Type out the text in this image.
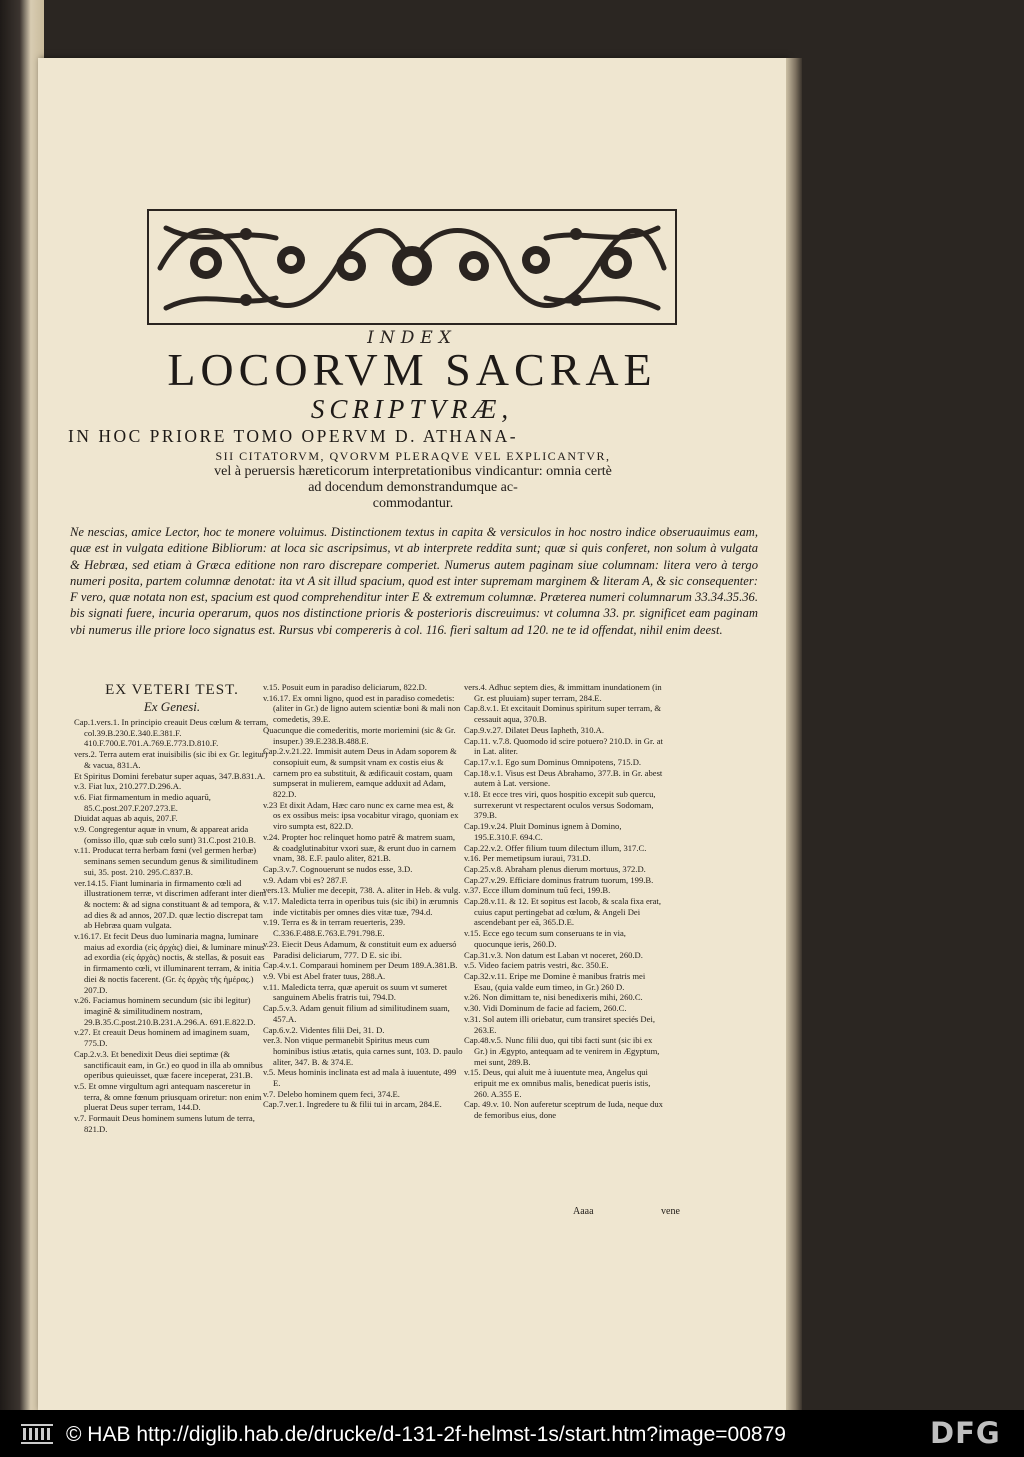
INDEX
LOCORVM SACRAE
SCRIPTVRÆ,
IN HOC PRIORE TOMO OPERVM D. ATHANA-
SII CITATORVM, QVORVM PLERAQVE VEL EXPLICANTVR,
vel à peruersis hæreticorum interpretationibus vindicantur: omnia certè
ad docendum demonstrandumque ac-
commodantur.
Ne nescias, amice Lector, hoc te monere voluimus. Distinctionem textus in capita & versiculos in hoc nostro indice obseruauimus eam, quæ est in vulgata editione Bibliorum: at loca sic ascripsimus, vt ab interprete reddita sunt; quæ si quis conferet, non solum à vulgata & Hebræa, sed etiam à Græca editione non raro discrepare comperiet. Numerus autem paginam siue columnam: litera vero à tergo numeri posita, partem columnæ denotat: ita vt A sit illud spacium, quod est inter supremam marginem & literam A, & sic consequenter: F vero, quæ notata non est, spacium est quod comprehenditur inter E & extremum columnæ. Præterea numeri columnarum 33.34.35.36. bis signati fuere, incuria operarum, quos nos distinctione prioris & posterioris discreuimus: vt columna 33. pr. significet eam paginam vbi numerus ille priore loco signatus est. Rursus vbi compereris à col. 116. fieri saltum ad 120. ne te id offendat, nihil enim deest.
EX VETERI TEST.
Ex Genesi.

Cap.1.vers.1. In principio creauit Deus cœlum & terram, col.39.B.230.E.340.E.381.F. 410.F.700.E.701.A.769.E.773.D.810.F.

vers.2. Terra autem erat inuisibilis (sic ibi ex Gr. legitur) & vacua, 831.A.

Et Spiritus Domini ferebatur super aquas, 347.B.831.A.

v.3. Fiat lux, 210.277.D.296.A.

v.6. Fiat firmamentum in medio aquarū, 85.C.post.207.F.207.273.E.

Diuidat aquas ab aquis, 207.F.

v.9. Congregentur aquæ in vnum, & appareat arida (omisso illo, quæ sub cœlo sunt) 31.C.post 210.B.

v.11. Producat terra herbam fœni (vel germen herbæ) seminans semen secundum genus & similitudinem sui, 35. post. 210. 295.C.837.B.

ver.14.15. Fiant luminaria in firmamento cœli ad illustrationem terræ, vt discrimen adferant inter diem & noctem: & ad signa constituant & ad tempora, & ad dies & ad annos, 207.D. quæ lectio discrepat tam ab Hebræa quam vulgata.

v.16.17. Et fecit Deus duo luminaria magna, luminare maius ad exordia (εἰς ἀρχὰς) diei, & luminare minus ad exordia (εἰς ἀρχὰς) noctis, & stellas, & posuit eas in firmamento cœli, vt illuminarent terram, & initia diei & noctis facerent. (Gr. ἐς ἀρχὰς τῆς ἡμέρας.) 207.D.

v.26. Faciamus hominem secundum (sic ibi legitur) imaginē & similitudinem nostram, 29.B.35.C.post.210.B.231.A.296.A. 691.E.822.D.

v.27. Et creauit Deus hominem ad imaginem suam, 775.D.

Cap.2.v.3. Et benedixit Deus diei septimæ (& sanctificauit eam, in Gr.) eo quod in illa ab omnibus operibus quieuisset, quæ facere inceperat, 231.B.

v.5. Et omne virgultum agri antequam nasceretur in terra, & omne fœnum priusquam oriretur: non enim pluerat Deus super terram, 144.D.

v.7. Formauit Deus hominem sumens lutum de terra, 821.D.

v.15. Posuit eum in paradiso deliciarum, 822.D.

v.16.17. Ex omni ligno, quod est in paradiso comedetis: (aliter in Gr.) de ligno autem scientiæ boni & mali non comedetis, 39.E.

Quacunque die comederitis, morte moriemini (sic & Gr. insuper.) 39.E.238.B.488.E.

Cap.2.v.21.22. Immisit autem Deus in Adam soporem & consopiuit eum, & sumpsit vnam ex costis eius & carnem pro ea substituit, & ædificauit costam, quam sumpserat in mulierem, eamque adduxit ad Adam, 822.D.

v.23 Et dixit Adam, Hæc caro nunc ex carne mea est, & os ex ossibus meis: ipsa vocabitur virago, quoniam ex viro sumpta est, 822.D.

v.24. Propter hoc relinquet homo patrē & matrem suam, & coadglutinabitur vxori suæ, & erunt duo in carnem vnam, 38. E.F. paulo aliter, 821.B.

Cap.3.v.7. Cognouerunt se nudos esse, 3.D.

v.9. Adam vbi es? 287.F.

vers.13. Mulier me decepit, 738. A. aliter in Heb. & vulg.

v.17. Maledicta terra in operibus tuis (sic ibi) in ærumnis inde victitabis per omnes dies vitæ tuæ, 794.d.

v.19. Terra es & in terram reuerteris, 239. C.336.F.488.E.763.E.791.798.E.

v.23. Eiecit Deus Adamum, & constituit eum ex aduersó Paradisi deliciarum, 777. D E. sic ibi.

Cap.4.v.1. Comparaui hominem per Deum 189.A.381.B.

v.9. Vbi est Abel frater tuus, 288.A.

v.11. Maledicta terra, quæ aperuit os suum vt sumeret sanguinem Abelis fratris tui, 794.D.

Cap.5.v.3. Adam genuit filium ad similitudinem suam, 457.A.

Cap.6.v.2. Videntes filii Dei, 31. D.

ver.3. Non vtique permanebit Spiritus meus cum hominibus istius ætatis, quia carnes sunt, 103. D. paulo aliter, 347. B. & 374.E.

v.5. Meus hominis inclinata est ad mala à iuuentute, 499 E.

v.7. Delebo hominem quem feci, 374.E.

Cap.7.ver.1. Ingredere tu & filii tui in arcam, 284.E.

vers.4. Adhuc septem dies, & immittam inundationem (in Gr. est pluuiam) super terram, 284.E.

Cap.8.v.1. Et excitauit Dominus spiritum super terram, & cessauit aqua, 370.B.

Cap.9.v.27. Dilatet Deus Iapheth, 310.A.

Cap.11. v.7.8. Quomodo id scire potuero? 210.D. in Gr. at in Lat. aliter.

Cap.17.v.1. Ego sum Dominus Omnipotens, 715.D.

Cap.18.v.1. Visus est Deus Abrahamo, 377.B. in Gr. abest autem à Lat. versione.

v.18. Et ecce tres viri, quos hospitio excepit sub quercu, surrexerunt vt respectarent oculos versus Sodomam, 379.B.

Cap.19.v.24. Pluit Dominus ignem à Domino, 195.E.310.F. 694.C.

Cap.22.v.2. Offer filium tuum dilectum illum, 317.C.

v.16. Per memetipsum iuraui, 731.D.

Cap.25.v.8. Abraham plenus dierum mortuus, 372.D.

Cap.27.v.29. Efficiare dominus fratrum tuorum, 199.B.

v.37. Ecce illum dominum tuū feci, 199.B.

Cap.28.v.11. & 12. Et sopitus est Iacob, & scala fixa erat, cuius caput pertingebat ad cœlum, & Angeli Dei ascendebant per eā, 365.D.E.

v.15. Ecce ego tecum sum conseruans te in via, quocunque ieris, 260.D.

Cap.31.v.3. Non datum est Laban vt noceret, 260.D.

v.5. Video faciem patris vestri, &c. 350.E.

Cap.32.v.11. Eripe me Domine è manibus fratris mei Esau, (quia valde eum timeo, in Gr.) 260 D.

v.26. Non dimittam te, nisi benedixeris mihi, 260.C.

v.30. Vidi Dominum de facie ad faciem, 260.C.

v.31. Sol autem illi oriebatur, cum transiret speciés Dei, 263.E.

Cap.48.v.5. Nunc filii duo, qui tibi facti sunt (sic ibi ex Gr.) in Ægypto, antequam ad te venirem in Ægyptum, mei sunt, 289.B.

v.15. Deus, qui aluit me à iuuentute mea, Angelus qui eripuit me ex omnibus malis, benedicat pueris istis, 260. A.355 E.

Cap. 49.v. 10. Non auferetur sceptrum de Iuda, neque dux de femoribus eius, done

Aaaa	vene
© HAB http://diglib.hab.de/drucke/d-131-2f-helmst-1s/start.htm?image=00879	DFG
